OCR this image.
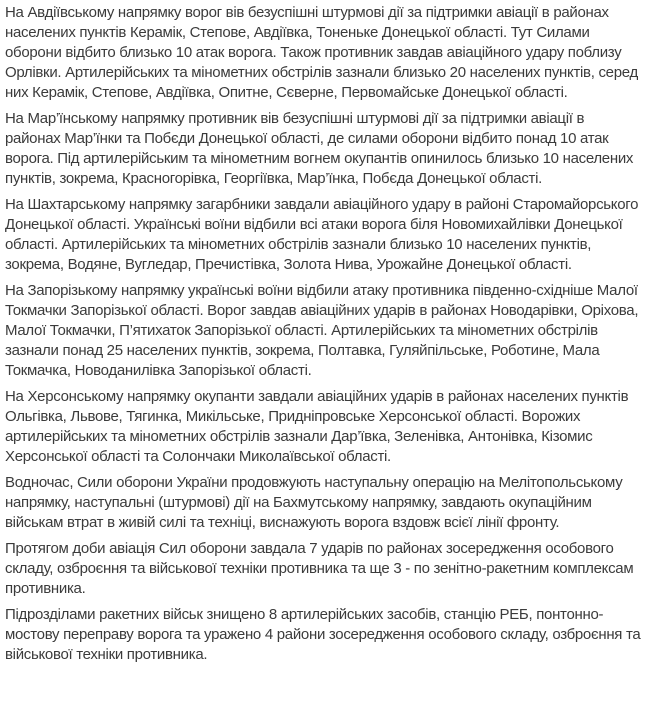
На Авдіївському напрямку ворог вів безуспішні штурмові дії за підтримки авіації в районах населених пунктів Керамік, Степове, Авдіївка, Тоненьке Донецької області. Тут Силами оборони відбито близько 10 атак ворога. Також противник завдав авіаційного удару поблизу Орлівки. Артилерійських та мінометних обстрілів зазнали близько 20 населених пунктів, серед них Керамік, Степове, Авдіївка, Опитне, Сєверне, Первомайське Донецької області.

На Мар’їнському напрямку противник вів безуспішні штурмові дії за підтримки авіації в районах Мар’їнки та Побєди Донецької області, де силами оборони відбито понад 10 атак ворога. Під артилерійським та мінометним вогнем окупантів опинилось близько 10 населених пунктів, зокрема, Красногорівка, Георгіївка, Мар’їнка, Побєда Донецької області.

На Шахтарському напрямку загарбники завдали авіаційного удару в районі Старомайорського Донецької області. Українські воїни відбили всі атаки ворога біля Новомихайлівки Донецької області. Артилерійських та мінометних обстрілів зазнали близько 10 населених пунктів, зокрема, Водяне, Вугледар, Пречистівка, Золота Нива, Урожайне Донецької області.

На Запорізькому напрямку українські воїни відбили атаку противника південно-східніше Малої Токмачки Запорізької області. Ворог завдав авіаційних ударів в районах Новодарівки, Оріхова, Малої Токмачки, П’ятихаток Запорізької області. Артилерійських та мінометних обстрілів зазнали понад 25 населених пунктів, зокрема, Полтавка, Гуляйпільське, Роботине, Мала Токмачка, Новоданилівка Запорізької області.

На Херсонському напрямку окупанти завдали авіаційних ударів в районах населених пунктів Ольгівка, Львове, Тягинка, Микільське, Придніпровське Херсонської області. Ворожих артилерійських та мінометних обстрілів зазнали Дар’ївка, Зеленівка, Антонівка, Кізомис Херсонської області та Солончаки Миколаївської області.

Водночас, Сили оборони України продовжують наступальну операцію на Мелітопольському напрямку, наступальні (штурмові) дії на Бахмутському напрямку, завдають окупаційним військам втрат в живій силі та техніці, виснажують ворога вздовж всієї лінії фронту.

Протягом доби авіація Сил оборони завдала 7 ударів по районах зосередження особового складу, озброєння та військової техніки противника та ще 3 - по зенітно-ракетним комплексам противника.

Підрозділами ракетних військ знищено 8 артилерійських засобів, станцію РЕБ, понтонно-мостову переправу ворога та уражено 4 райони зосередження особового складу, озброєння та військової техніки противника.
